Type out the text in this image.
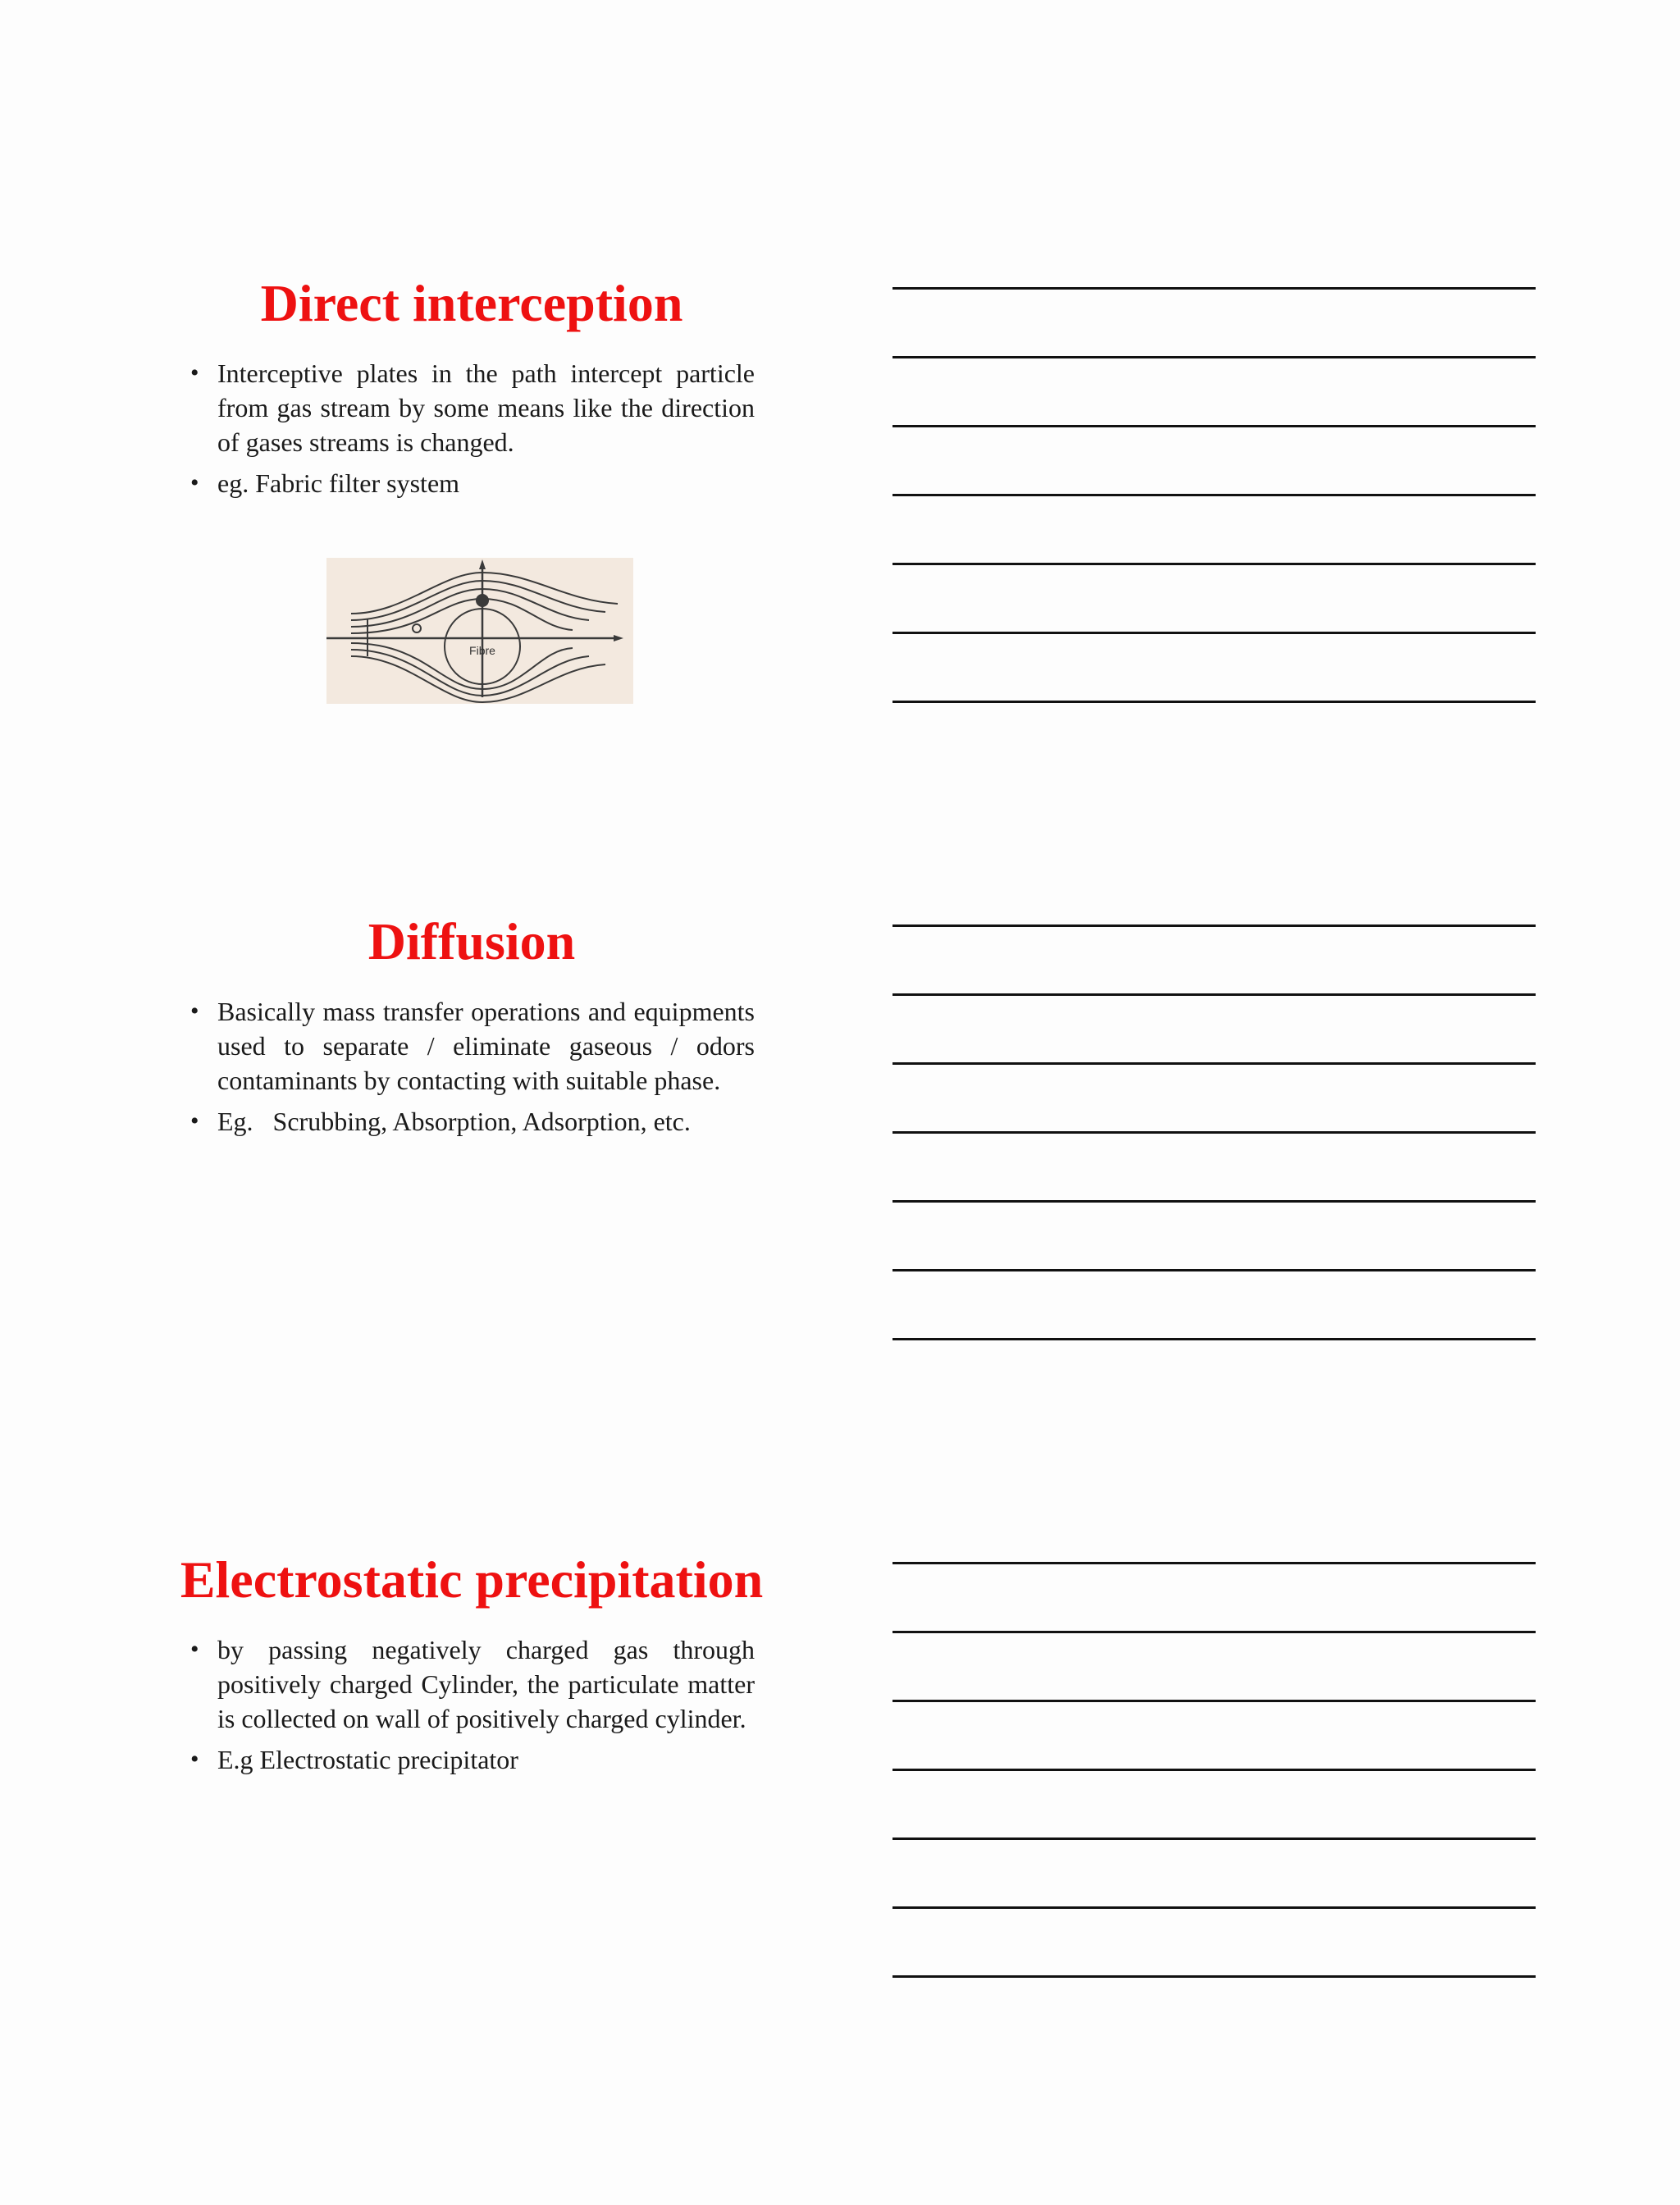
Direct interception
• Interceptive plates in the path intercept particle from gas stream by some means like the direction of gases streams is changed.
• eg. Fabric filter system
Fibre
Diffusion
• Basically mass transfer operations and equipments used to separate / eliminate gaseous / odors contaminants by contacting with suitable phase.
• Eg.   Scrubbing, Absorption, Adsorption, etc.
Electrostatic precipitation
• by passing negatively charged gas through positively charged Cylinder, the particulate matter is collected on wall of positively charged cylinder.
• E.g Electrostatic precipitator
